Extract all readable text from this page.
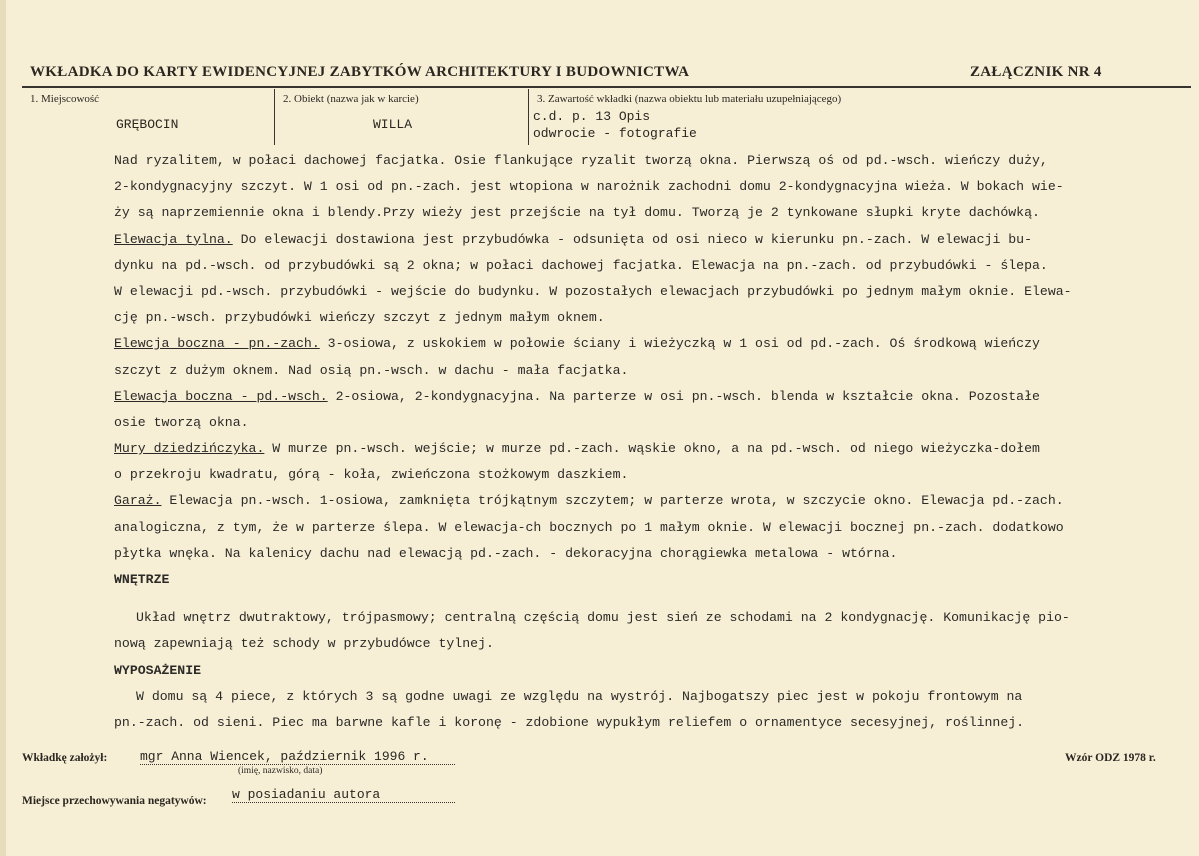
WKŁADKA DO KARTY EWIDENCYJNEJ ZABYTKÓW ARCHITEKTURY I BUDOWNICTWA	ZAŁĄCZNIK NR 4
1. Miejscowość
GRĘBOCIN
2. Obiekt (nazwa jak w karcie)
WILLA
3. Zawartość wkładki (nazwa obiektu lub materiału uzupełniającego)
c.d. p. 13 Opis
odwrocie - fotografie
Nad ryzalitem, w połaci dachowej facjatka. Osie flankujące ryzalit tworzą okna. Pierwszą oś od pd.-wsch. wieńczy duży,
2-kondygnacyjny szczyt. W 1 osi od pn.-zach. jest wtopiona w narożnik zachodni domu 2-kondygnacyjna wieża. W bokach wie-
ży są naprzemiennie okna i blendy.Przy wieży jest przejście na tył domu. Tworzą je 2 tynkowane słupki kryte dachówką.
Elewacja tylna. Do elewacji dostawiona jest przybudówka - odsunięta od osi nieco w kierunku pn.-zach. W elewacji bu-
dynku na pd.-wsch. od przybudówki są 2 okna; w połaci dachowej facjatka. Elewacja na pn.-zach. od przybudówki - ślepa.
W elewacji pd.-wsch. przybudówki - wejście do budynku. W pozostałych elewacjach przybudówki po jednym małym oknie. Elewa-
cję pn.-wsch. przybudówki wieńczy szczyt z jednym małym oknem.
Elewcja boczna - pn.-zach. 3-osiowa, z uskokiem w połowie ściany i wieżyczką w 1 osi od pd.-zach. Oś środkową wieńczy
szczyt z dużym oknem. Nad osią pn.-wsch. w dachu - mała facjatka.
Elewacja boczna - pd.-wsch. 2-osiowa, 2-kondygnacyjna. Na parterze w osi pn.-wsch. blenda w kształcie okna. Pozostałe
osie tworzą okna.
Mury dziedzińczyka. W murze pn.-wsch. wejście; w murze pd.-zach. wąskie okno, a na pd.-wsch. od niego wieżyczka-dołem
o przekroju kwadratu, górą - koła, zwieńczona stożkowym daszkiem.
Garaż. Elewacja pn.-wsch. 1-osiowa, zamknięta trójkątnym szczytem; w parterze wrota, w szczycie okno. Elewacja pd.-zach.
analogiczna, z tym, że w parterze ślepa. W elewacja-ch bocznych po 1 małym oknie. W elewacji bocznej pn.-zach. dodatkowo
płytka wnęka. Na kalenicy dachu nad elewacją pd.-zach. - dekoracyjna chorągiewka metalowa - wtórna.
WNĘTRZE
Układ wnętrz dwutraktowy, trójpasmowy; centralną częścią domu jest sień ze schodami na 2 kondygnację. Komunikację pio-
nową zapewniają też schody w przybudówce tylnej.
WYPOSAŻENIE
W domu są 4 piece, z których 3 są godne uwagi ze względu na wystrój. Najbogatszy piec jest w pokoju frontowym na
pn.-zach. od sieni. Piec ma barwne kafle i koronę - zdobione wypukłym reliefem o ornamentyce secesyjnej, roślinnej.
Wkładkę założył:	mgr Anna Wiencek, październik 1996 r.
(imię, nazwisko, data)
Wzór ODZ 1978 r.
Miejsce przechowywania negatywów: w posiadaniu autora
